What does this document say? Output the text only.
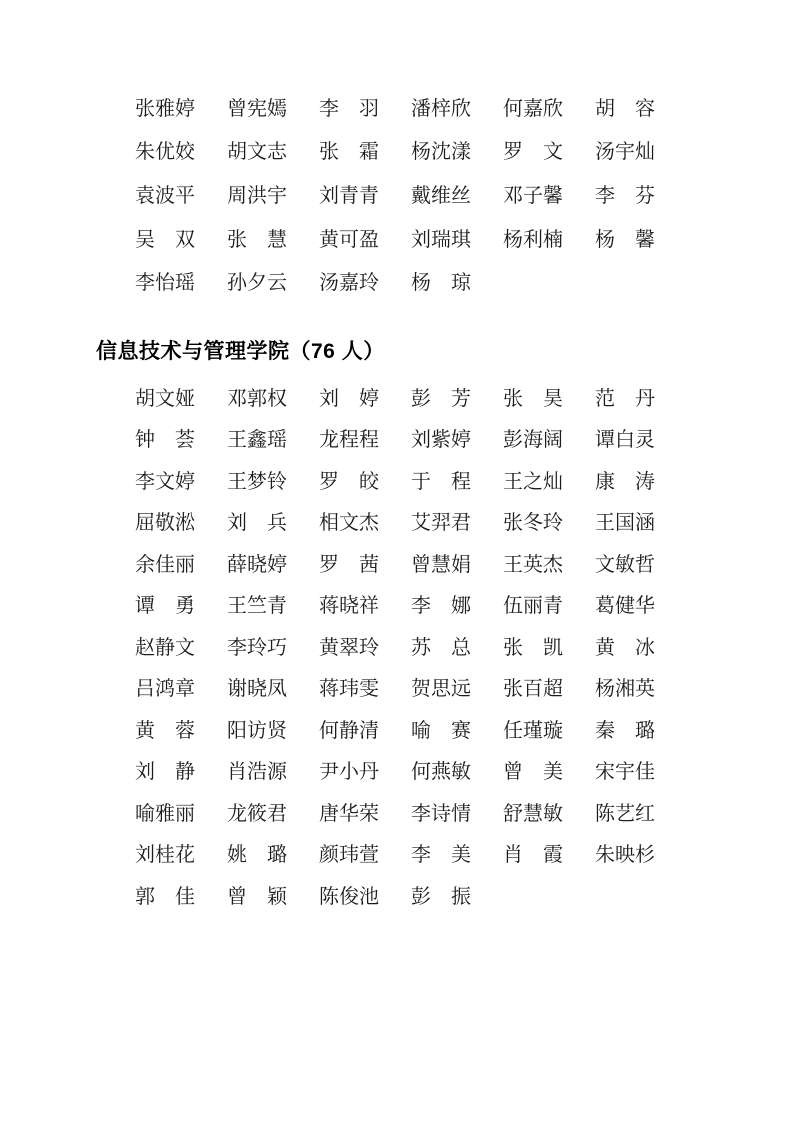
张 雅 婷 曾 宪 嫣 李 羽 潘 梓 欣 何 嘉 欣 胡 容
朱 优 姣 胡 文 志 张 霜 杨 沈 漾 罗 文 汤 宇 灿
袁 波 平 周 洪 宇 刘 青 青 戴 维 丝 邓 子 馨 李 芬
吴 双 张 慧 黄 可 盈 刘 瑞 琪 杨 利 楠 杨 馨
李 怡 瑶 孙 夕 云 汤 嘉 玲 杨 琼
信息技术与管理学院（76 人）
胡 文 娅 邓 郭 权 刘 婷 彭 芳 张 昊 范 丹
钟 荟 王 鑫 瑶 龙 程 程 刘 紫 婷 彭 海 阔 谭 白 灵
李 文 婷 王 梦 铃 罗 皎 于 程 王 之 灿 康 涛
屈 敬 淞 刘 兵 相 文 杰 艾 羿 君 张 冬 玲 王 国 涵
余 佳 丽 薛 晓 婷 罗 茜 曾 慧 娟 王 英 杰 文 敏 哲
谭 勇 王 竺 青 蒋 晓 祥 李 娜 伍 丽 青 葛 健 华
赵 静 文 李 玲 巧 黄 翠 玲 苏 总 张 凯 黄 冰
吕 鸿 章 谢 晓 凤 蒋 玮 雯 贺 思 远 张 百 超 杨 湘 英
黄 蓉 阳 访 贤 何 静 清 喻 赛 任 瑾 璇 秦 璐
刘 静 肖 浩 源 尹 小 丹 何 燕 敏 曾 美 宋 宇 佳
喻 雅 丽 龙 筱 君 唐 华 荣 李 诗 情 舒 慧 敏 陈 艺 红
刘 桂 花 姚 璐 颜 玮 萱 李 美 肖 霞 朱 映 杉
郭 佳 曾 颖 陈 俊 池 彭 振
